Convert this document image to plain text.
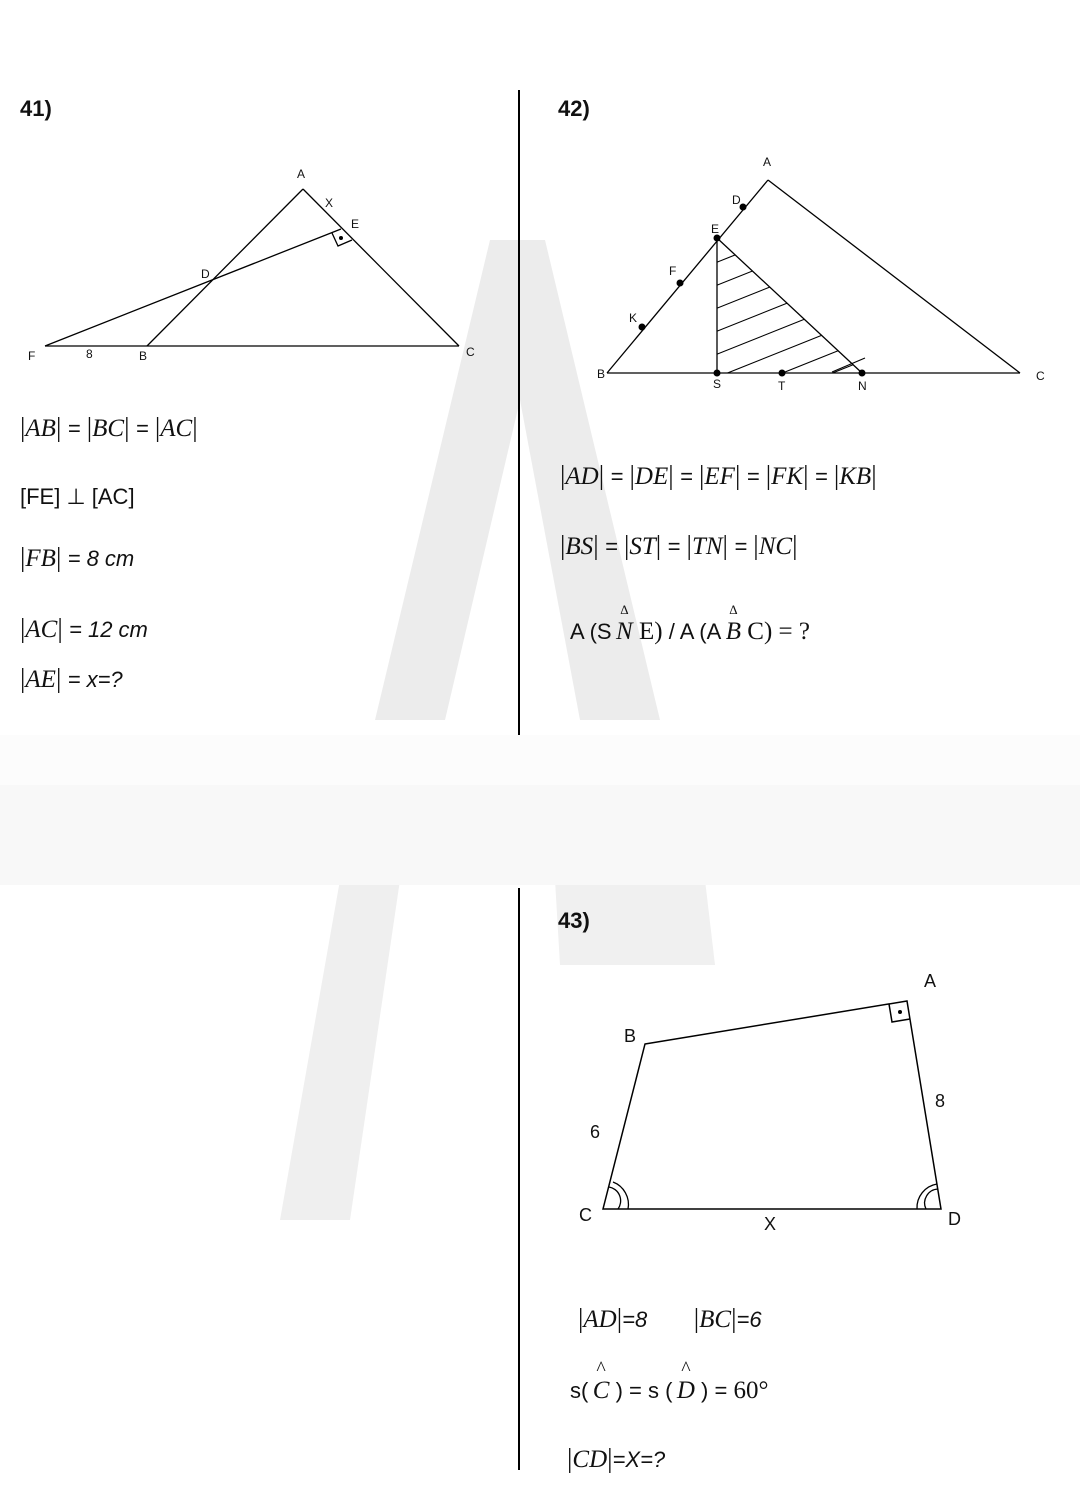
41)
A
X
E
D
F	8	B	C
|AB| = |BC| = |AC|
[FE] ⊥ [AC]
|FB| = 8 cm
|AC| = 12 cm
|AE| = x=?
42)
A
D
E
F
K
B
S	T	N
C
|AD| = |DE| = |EF| = |FK| = |KB|
|BS| = |ST| = |TN| = |NC|
A (S
Δ
N E) / A (A
Δ
B C) = ?
43)
A
B
C	D
6
8
X
|AD|=8 |BC|=6
s(
^
C ) = s (
^
D ) = 60°
|CD|=X=?
